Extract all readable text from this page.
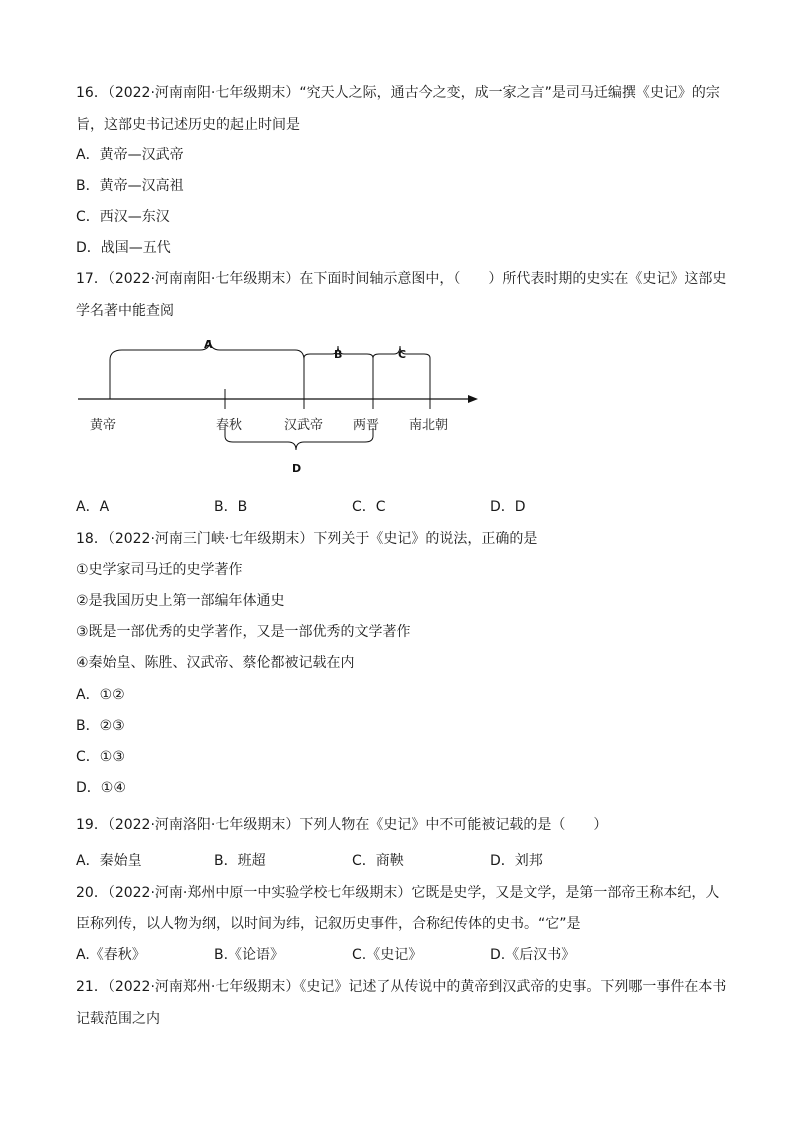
16．（2022·河南南阳·七年级期末）“究天人之际，通古今之变，成一家之言”是司马迁编撰《史记》的宗
旨，这部史书记述历史的起止时间是
A．黄帝—汉武帝
B．黄帝—汉高祖
C．西汉—东汉
D．战国—五代
17．（2022·河南南阳·七年级期末）在下面时间轴示意图中，（　　）所代表时期的史实在《史记》这部史
学名著中能查阅
A
B	C
D
黄帝	春秋	汉武帝 两晋 南北朝
A．A	B．B	C．C	D．D
18．（2022·河南三门峡·七年级期末）下列关于《史记》的说法，正确的是
①史学家司马迁的史学著作
②是我国历史上第一部编年体通史
③既是一部优秀的史学著作，又是一部优秀的文学著作
④秦始皇、陈胜、汉武帝、蔡伦都被记载在内
A．①②
B．②③
C．①③
D．①④
19．（2022·河南洛阳·七年级期末）下列人物在《史记》中不可能被记载的是（　　）
A．秦始皇	B．班超	C．商鞅	D．刘邦
20．（2022·河南·郑州中原一中实验学校七年级期末）它既是史学，又是文学，是第一部帝王称本纪，人
臣称列传，以人物为纲，以时间为纬，记叙历史事件，合称纪传体的史书。“它”是
A.《春秋》	B.《论语》	C.《史记》	D.《后汉书》
21．（2022·河南郑州·七年级期末）《史记》记述了从传说中的黄帝到汉武帝的史事。下列哪一事件在本书
记载范围之内
